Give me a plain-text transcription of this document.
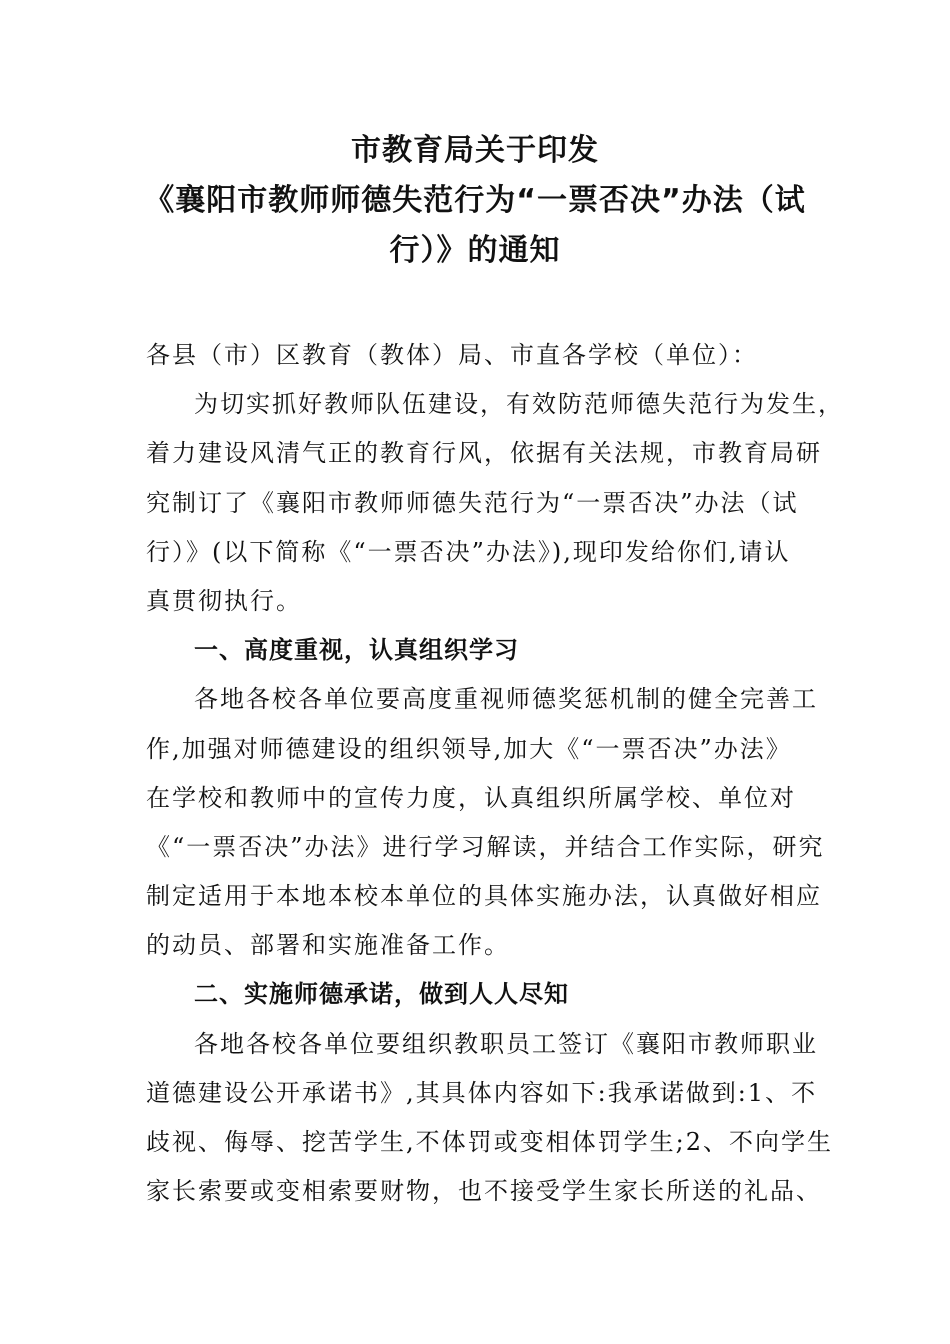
市教育局关于印发
《襄阳市教师师德失范行为“一票否决”办法（试
行）》的通知
各县（市）区教育（教体）局、市直各学校（单位）：
为切实抓好教师队伍建设，有效防范师德失范行为发生，
着力建设风清气正的教育行风，依据有关法规，市教育局研
究制订了《襄阳市教师师德失范行为“一票否决”办法（试
行）》(以下简称《“一票否决”办法》),现印发给你们,请认
真贯彻执行。
一、高度重视，认真组织学习
各地各校各单位要高度重视师德奖惩机制的健全完善工
作,加强对师德建设的组织领导,加大《“一票否决”办法》
在学校和教师中的宣传力度，认真组织所属学校、单位对
《“一票否决”办法》进行学习解读，并结合工作实际，研究
制定适用于本地本校本单位的具体实施办法，认真做好相应
的动员、部署和实施准备工作。
二、实施师德承诺，做到人人尽知
各地各校各单位要组织教职员工签订《襄阳市教师职业
道德建设公开承诺书》,其具体内容如下:我承诺做到:1、不
歧视、侮辱、挖苦学生,不体罚或变相体罚学生;2、不向学生
家长索要或变相索要财物，也不接受学生家长所送的礼品、
